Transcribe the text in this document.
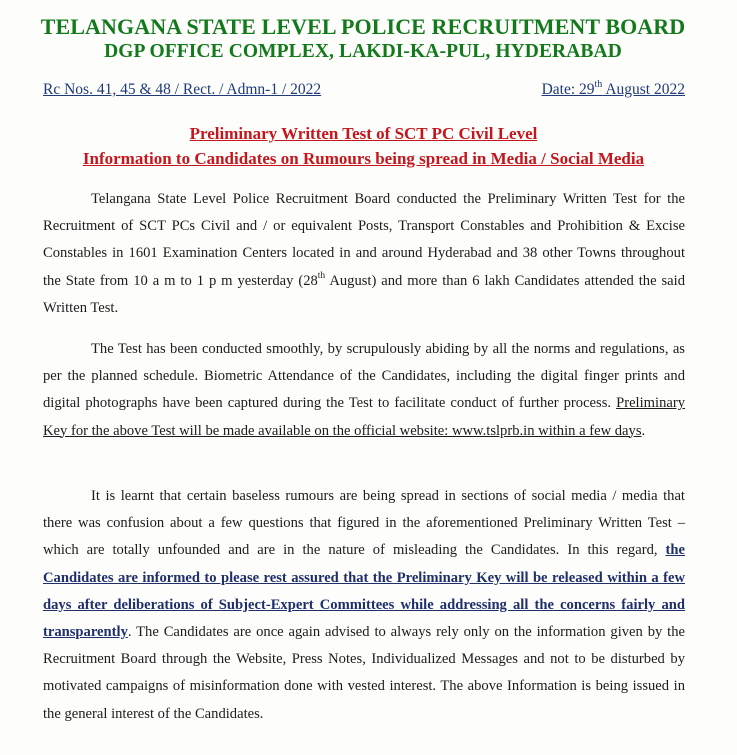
TELANGANA STATE LEVEL POLICE RECRUITMENT BOARD
DGP OFFICE COMPLEX, LAKDI-KA-PUL, HYDERABAD
Rc Nos. 41, 45 & 48 / Rect. / Admn-1 / 2022	Date: 29th August 2022
Preliminary Written Test of SCT PC Civil Level
Information to Candidates on Rumours being spread in Media / Social Media

Telangana State Level Police Recruitment Board conducted the Preliminary Written Test for the Recruitment of SCT PCs Civil and / or equivalent Posts, Transport Constables and Prohibition & Excise Constables in 1601 Examination Centers located in and around Hyderabad and 38 other Towns throughout the State from 10 a m to 1 p m yesterday (28th August) and more than 6 lakh Candidates attended the said Written Test.

The Test has been conducted smoothly, by scrupulously abiding by all the norms and regulations, as per the planned schedule. Biometric Attendance of the Candidates, including the digital finger prints and digital photographs have been captured during the Test to facilitate conduct of further process. Preliminary Key for the above Test will be made available on the official website: www.tslprb.in within a few days.

It is learnt that certain baseless rumours are being spread in sections of social media / media that there was confusion about a few questions that figured in the aforementioned Preliminary Written Test – which are totally unfounded and are in the nature of misleading the Candidates. In this regard, the Candidates are informed to please rest assured that the Preliminary Key will be released within a few days after deliberations of Subject-Expert Committees while addressing all the concerns fairly and transparently. The Candidates are once again advised to always rely only on the information given by the Recruitment Board through the Website, Press Notes, Individualized Messages and not to be disturbed by motivated campaigns of misinformation done with vested interest. The above Information is being issued in the general interest of the Candidates.
